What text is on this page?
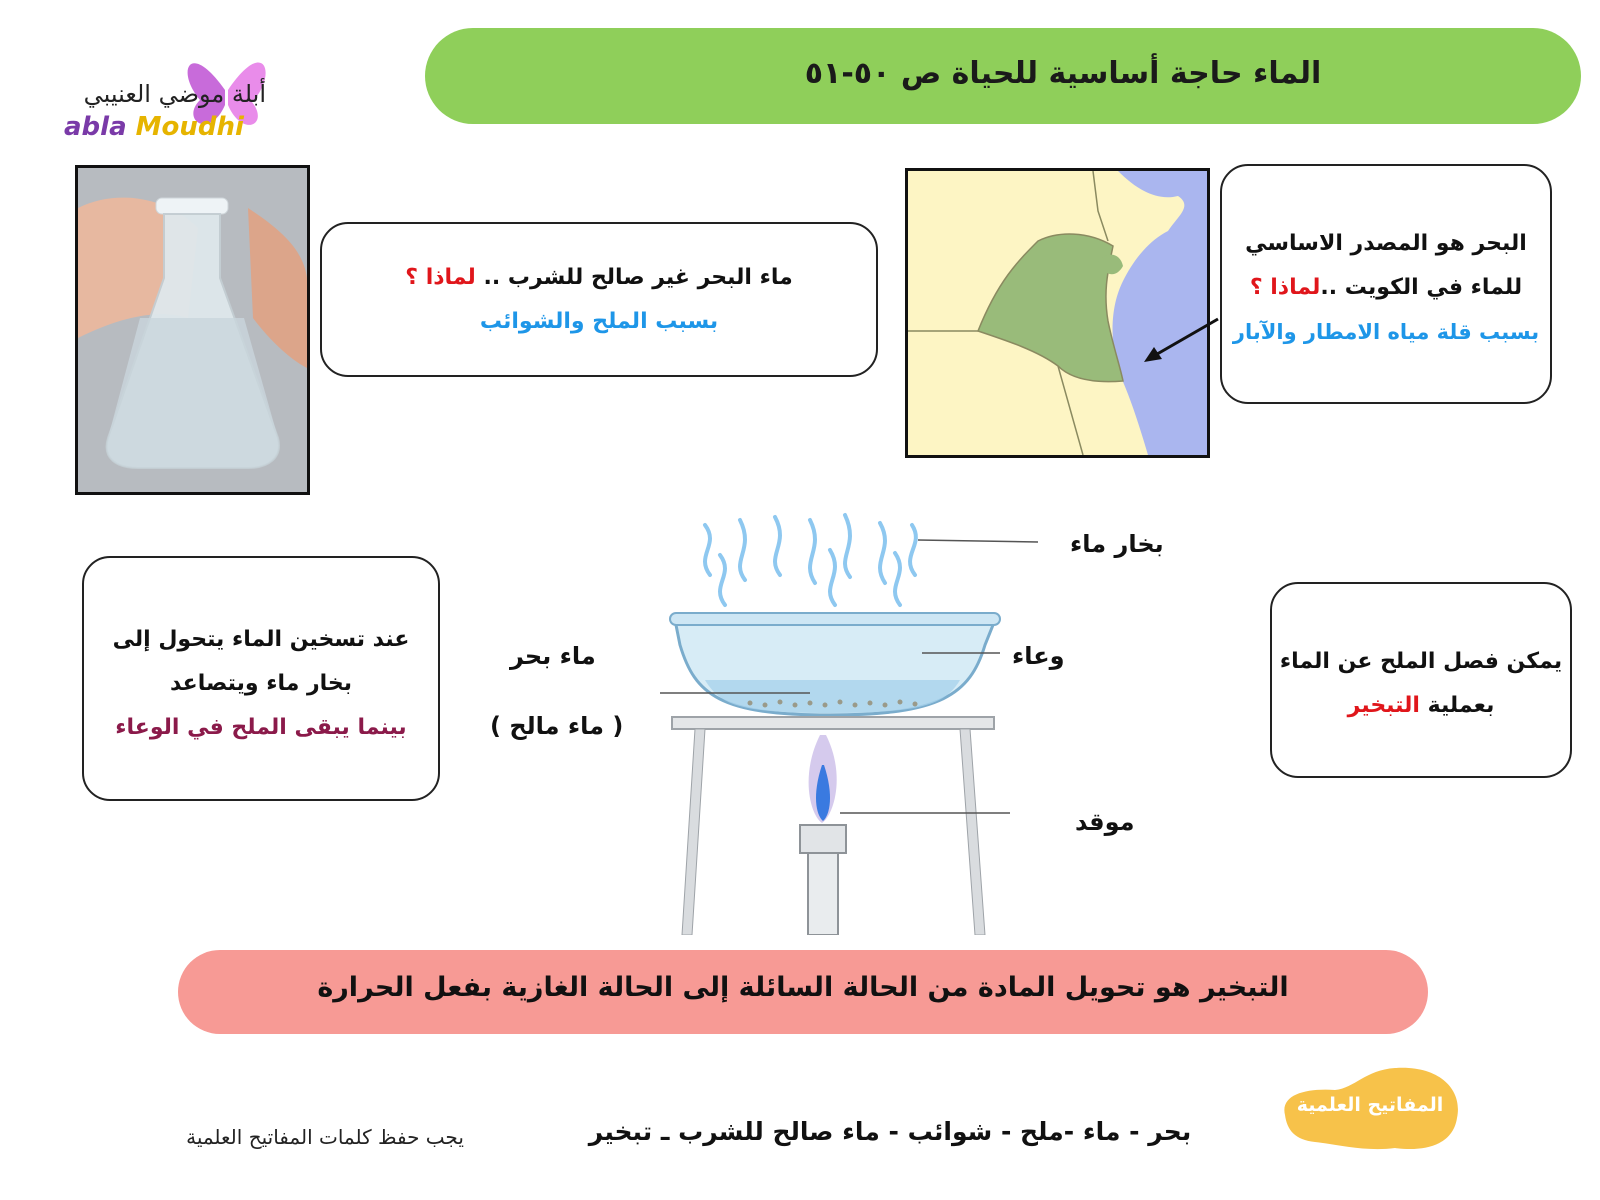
الماء حاجة أساسية للحياة ص ٥٠-٥١
أبلة موضي العنيبي
abla Moudhi
ماء البحر غير صالح للشرب .. لماذا ؟
بسبب الملح والشوائب
البحر هو المصدر الاساسي
للماء في الكويت ..لماذا ؟
بسبب قلة مياه الامطار والآبار
عند تسخين الماء يتحول إلى
بخار ماء ويتصاعد
بينما يبقى الملح في الوعاء
يمكن فصل الملح عن الماء
بعملية التبخير
بخار ماء
وعاء
ماء بحر
( ماء مالح )
موقد
التبخير هو تحويل المادة من الحالة السائلة إلى الحالة الغازية بفعل الحرارة
المفاتيح العلمية
بحر - ماء -ملح - شوائب - ماء صالح للشرب ـ تبخير
يجب حفظ كلمات المفاتيح العلمية
